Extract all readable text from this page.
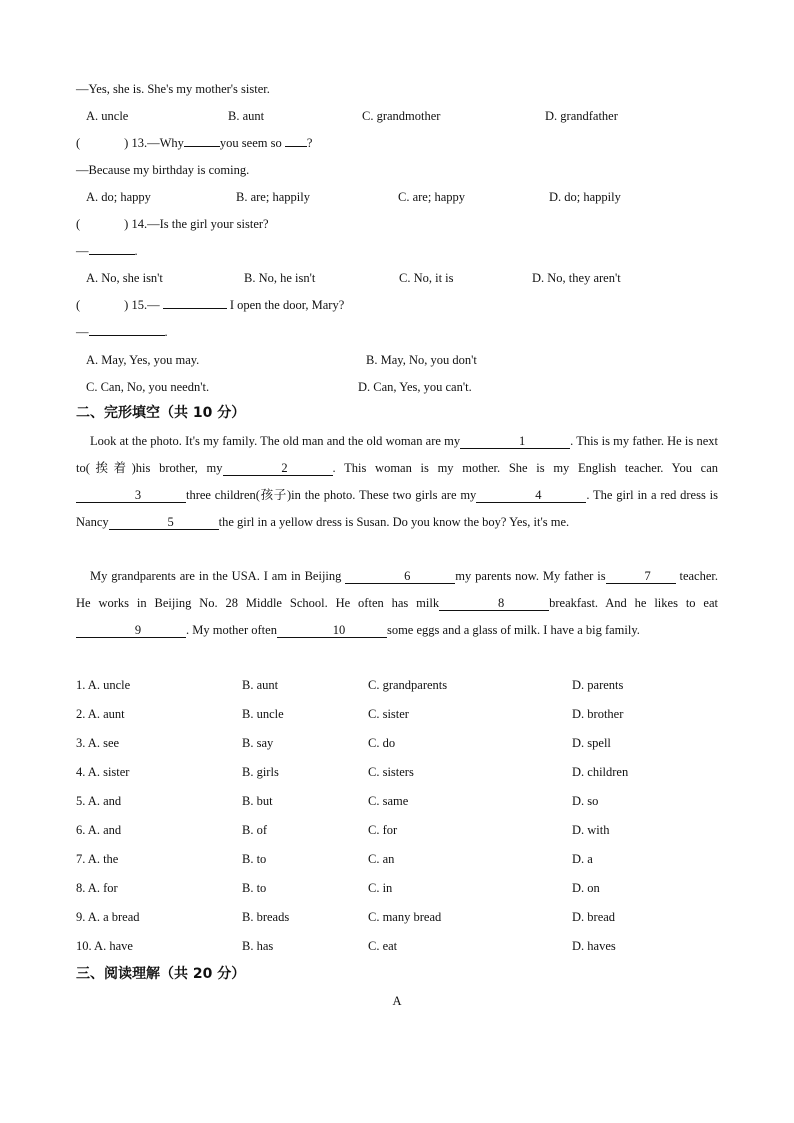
—Yes, she is. She's my mother's sister.
A. uncle	B. aunt	C. grandmother	D. grandfather
(	) 13.—Why	you seem so ?
—Because my birthday is coming.
A. do; happy	B. are; happily	C. are; happy	D. do; happily
(	) 14.—Is the girl your sister?
—	.
A. No, she isn't	B. No, he isn't	C. No, it is	D. No, they aren't
(	) 15.—	I open the door, Mary?
—	.
A. May, Yes, you may.	B. May, No, you don't
C. Can, No, you needn't.	D. Can, Yes, you can't.
二、完形填空（共 10 分）

Look at the photo. It's my family. The old man and the old woman are my	1	. This is my father. He is next to(挨着)his brother, my	2	. This woman is my mother. She is my English teacher. You can3	three children(孩子)in the photo. These two girls are my	4	. The girl in a red dress is Nancy	5	the girl in a yellow dress is Susan. Do you know the boy? Yes, it's me.

My grandparents are in the USA. I am in Beijing	6	my parents now. My father is	7 teacher. He works in Beijing No. 28 Middle School. He often has milk	8	breakfast. And he likes to eat9	. My mother often	10	some eggs and a glass of milk. I have a big family.

1. A. uncle	B. aunt	C. grandparents	D. parents
2. A. aunt	B. uncle	C. sister	D. brother
3. A. see	B. say	C. do	D. spell
4. A. sister	B. girls	C. sisters	D. children
5. A. and	B. but	C. same	D. so
6. A. and	B. of	C. for	D. with
7. A. the	B. to	C. an	D. a
8. A. for	B. to	C. in	D. on
9. A. a bread	B. breads	C. many bread	D. bread
10. A. have	B. has	C. eat	D. haves
三、阅读理解（共 20 分）
A
